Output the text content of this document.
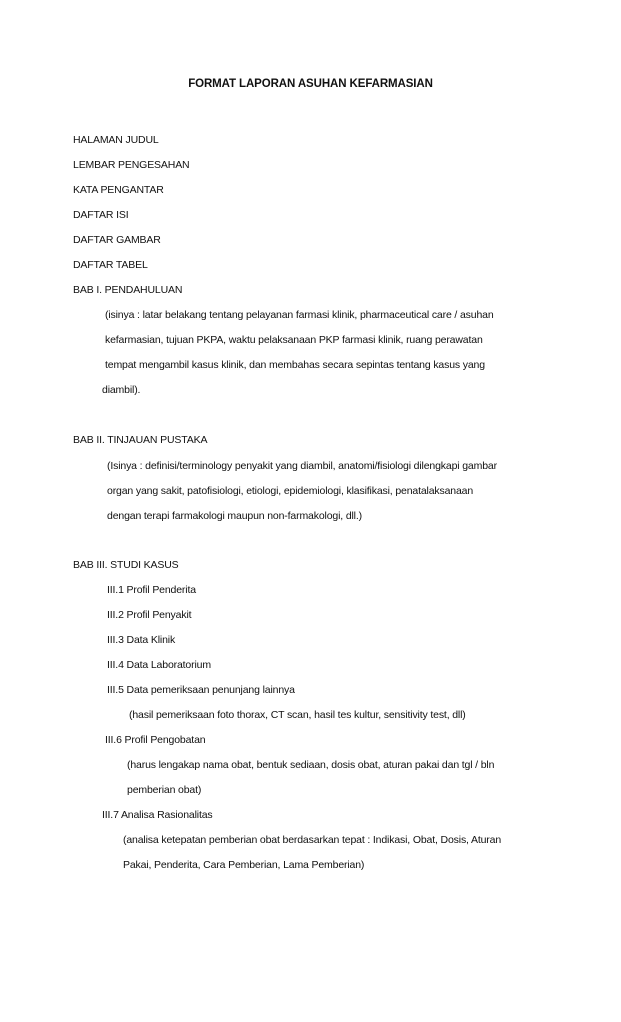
FORMAT LAPORAN ASUHAN KEFARMASIAN
HALAMAN JUDUL
LEMBAR PENGESAHAN
KATA PENGANTAR
DAFTAR ISI
DAFTAR GAMBAR
DAFTAR TABEL
BAB I. PENDAHULUAN
(isinya : latar belakang tentang pelayanan farmasi klinik, pharmaceutical care / asuhan
kefarmasian, tujuan PKPA, waktu pelaksanaan PKP farmasi klinik, ruang perawatan
tempat mengambil kasus klinik, dan membahas secara sepintas tentang kasus yang
diambil).
BAB II. TINJAUAN PUSTAKA
(Isinya : definisi/terminology penyakit yang diambil, anatomi/fisiologi dilengkapi gambar
organ yang sakit, patofisiologi, etiologi, epidemiologi, klasifikasi, penatalaksanaan
dengan terapi farmakologi maupun non-farmakologi, dll.)
BAB III. STUDI KASUS
III.1 Profil Penderita
III.2 Profil Penyakit
III.3 Data Klinik
III.4 Data Laboratorium
III.5 Data pemeriksaan penunjang lainnya
(hasil pemeriksaan foto thorax, CT scan, hasil tes kultur, sensitivity test, dll)
III.6 Profil Pengobatan
(harus lengakap nama obat, bentuk sediaan, dosis obat, aturan pakai dan tgl / bln
pemberian obat)
III.7 Analisa Rasionalitas
(analisa ketepatan pemberian obat berdasarkan tepat : Indikasi, Obat, Dosis, Aturan
Pakai, Penderita, Cara Pemberian, Lama Pemberian)
